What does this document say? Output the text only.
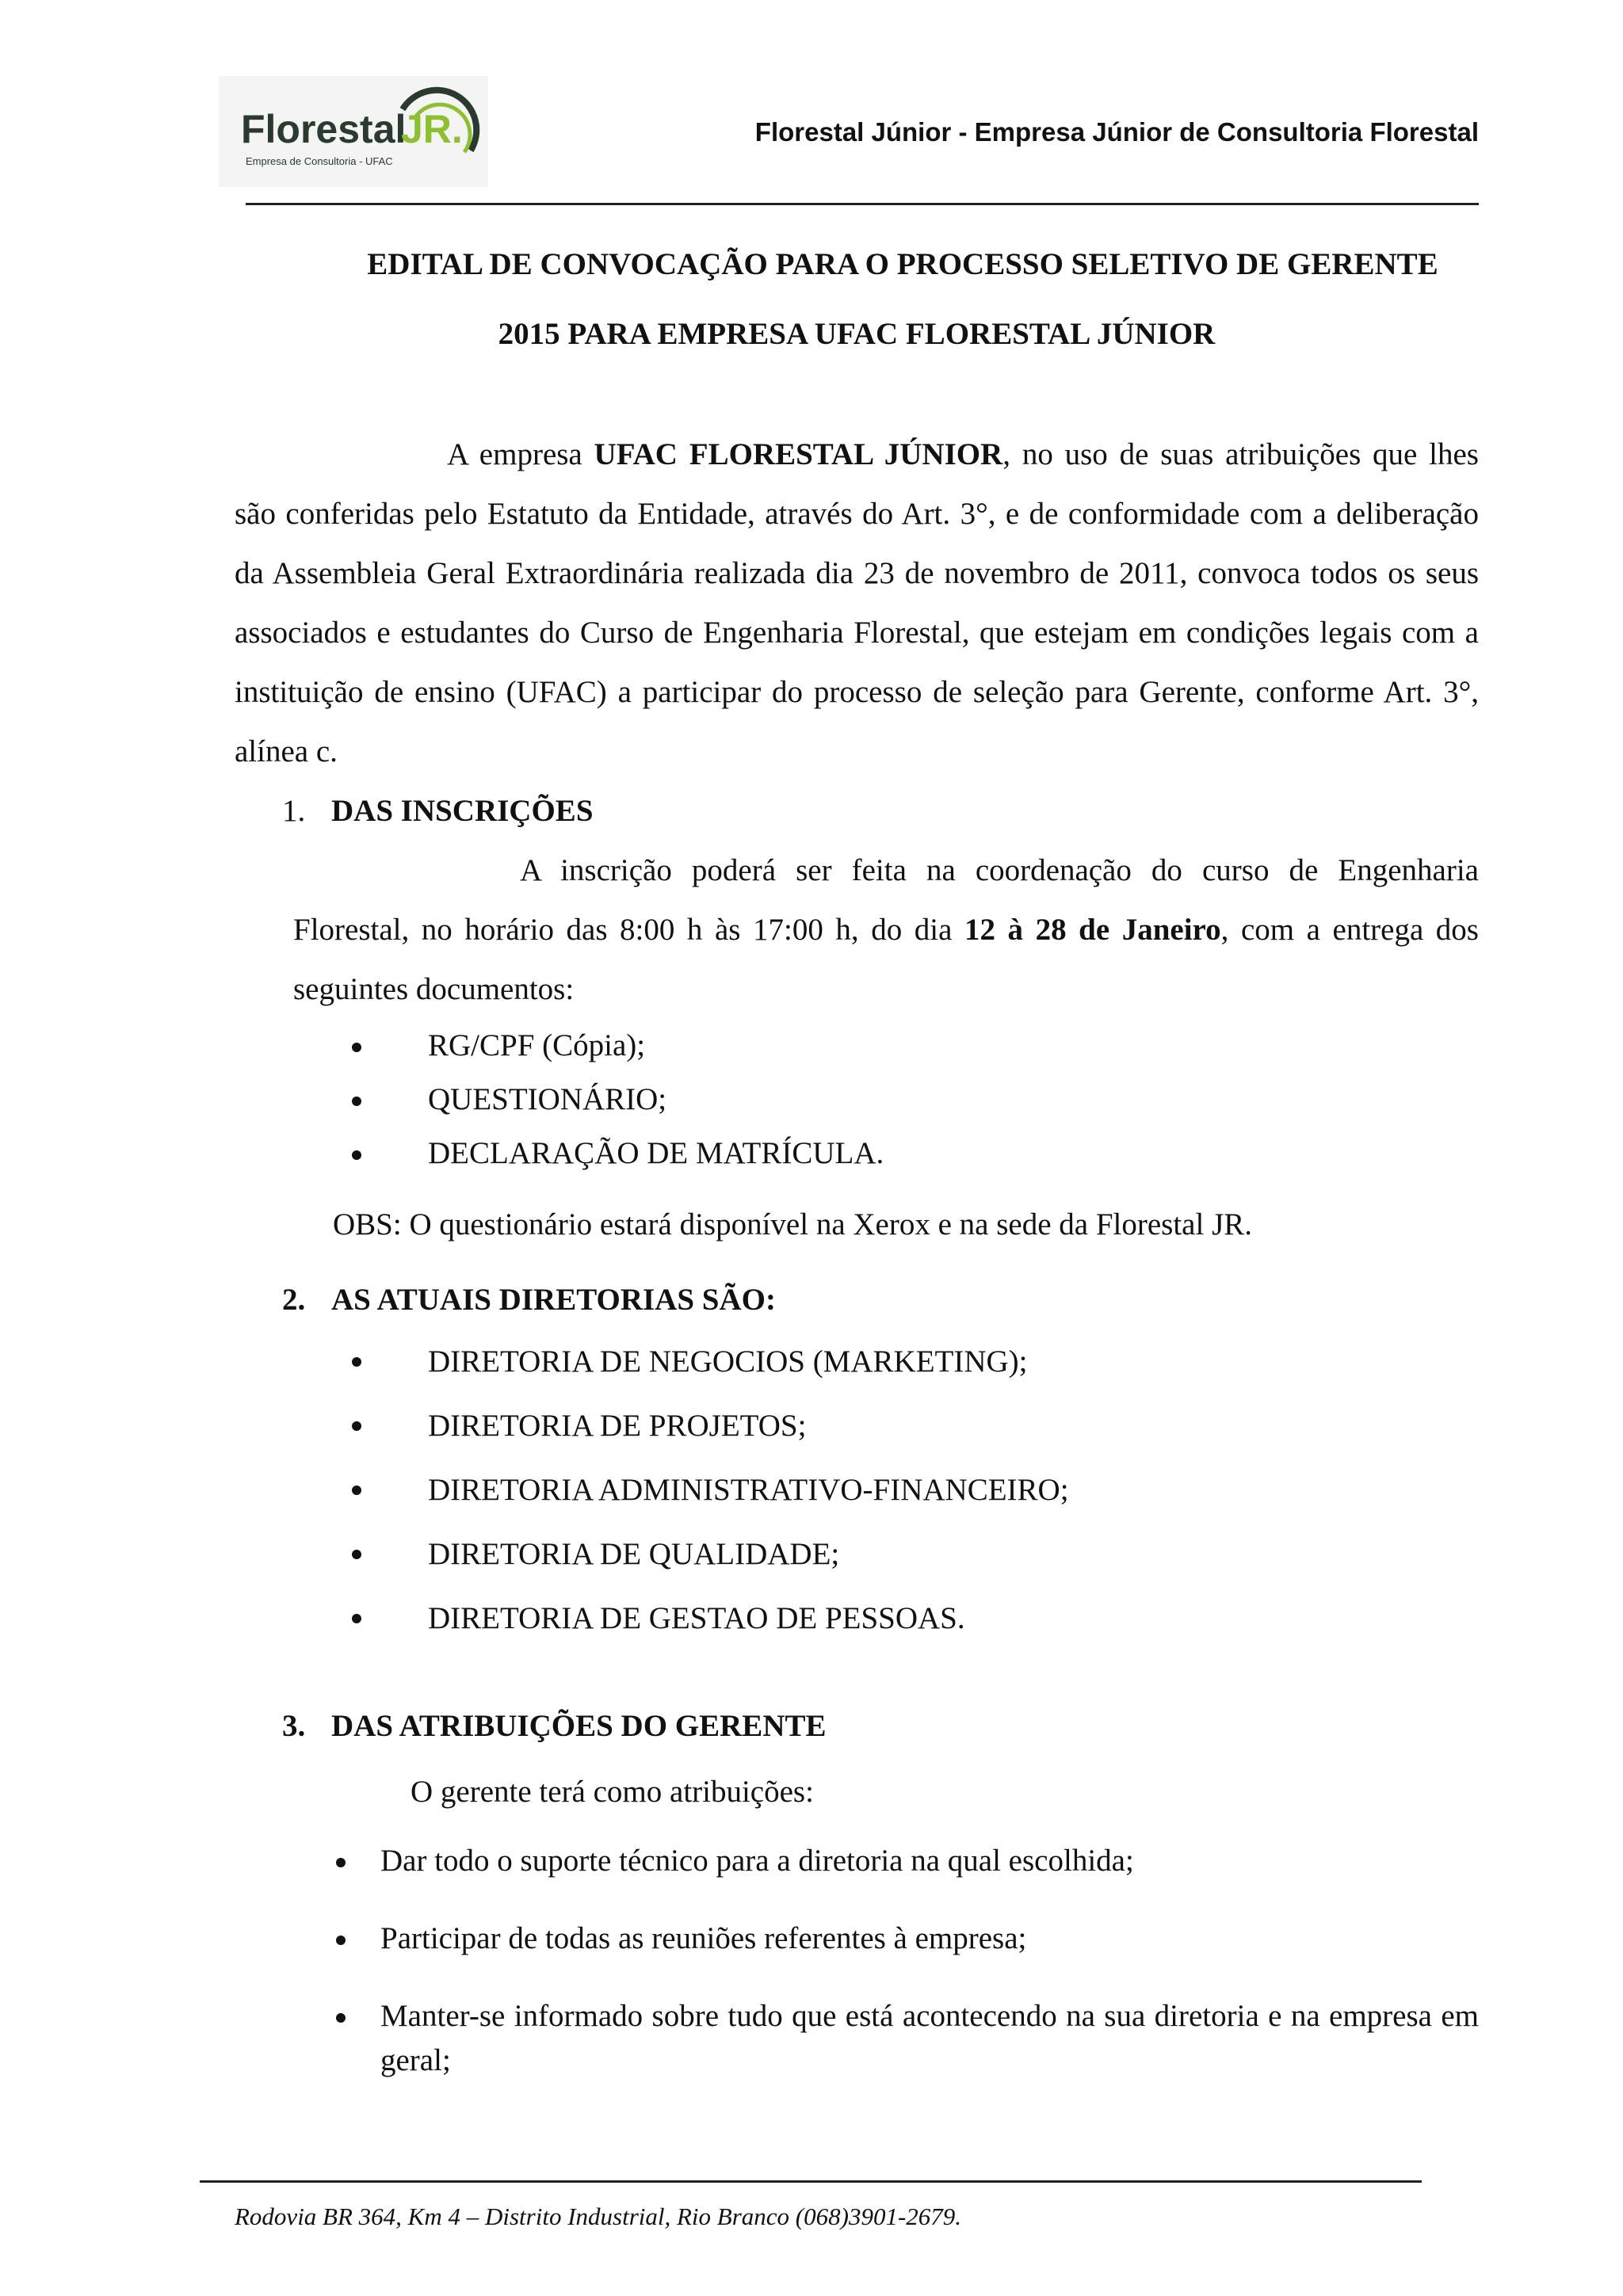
Florestal
JR.
Empresa de Consultoria - UFAC
Florestal Júnior - Empresa Júnior de Consultoria Florestal
EDITAL DE CONVOCAÇÃO PARA O PROCESSO SELETIVO DE GERENTE
2015 PARA EMPRESA UFAC FLORESTAL JÚNIOR

A empresa UFAC FLORESTAL JÚNIOR, no uso de suas atribuições que lhes são conferidas pelo Estatuto da Entidade, através do Art. 3°, e de conformidade com a deliberação da Assembleia Geral Extraordinária realizada dia 23 de novembro de 2011, convoca todos os seus associados e estudantes do Curso de Engenharia Florestal, que estejam em condições legais com a instituição de ensino (UFAC) a participar do processo de seleção para Gerente, conforme Art. 3°, alínea c.

1. DAS INSCRIÇÕES

A inscrição poderá ser feita na coordenação do curso de Engenharia Florestal, no horário das 8:00 h às 17:00 h, do dia 12 à 28 de Janeiro, com a entrega dos seguintes documentos:

RG/CPF (Cópia);
QUESTIONÁRIO;
DECLARAÇÃO DE MATRÍCULA.

OBS: O questionário estará disponível na Xerox e na sede da Florestal JR.

2. AS ATUAIS DIRETORIAS SÃO:

DIRETORIA DE NEGOCIOS (MARKETING);
DIRETORIA DE PROJETOS;
DIRETORIA ADMINISTRATIVO-FINANCEIRO;
DIRETORIA DE QUALIDADE;
DIRETORIA DE GESTAO DE PESSOAS.

3. DAS ATRIBUIÇÕES DO GERENTE

O gerente terá como atribuições:

Dar todo o suporte técnico para a diretoria na qual escolhida;
Participar de todas as reuniões referentes à empresa;
Manter-se informado sobre tudo que está acontecendo na sua diretoria e na empresa em geral;
Rodovia BR 364, Km 4 – Distrito Industrial, Rio Branco (068)3901-2679.
